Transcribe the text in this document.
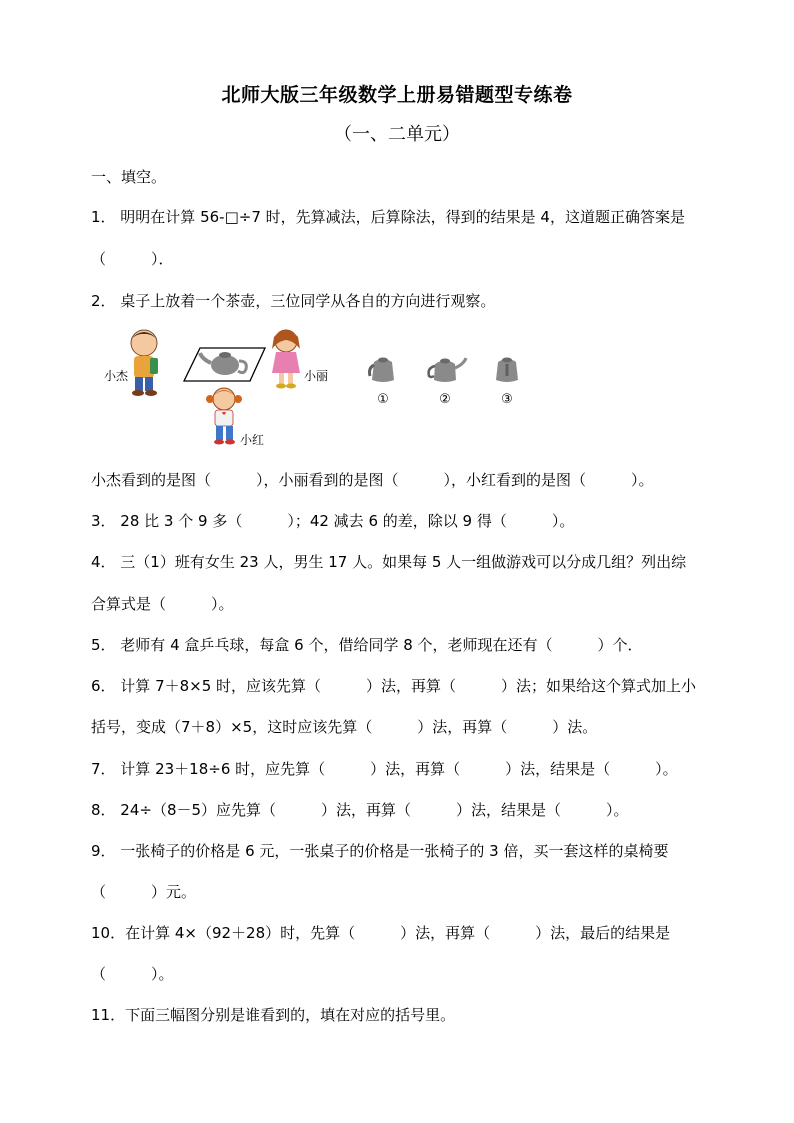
北师大版三年级数学上册易错题型专练卷
（一、二单元）
一、填空。
1． 明明在计算 56-□÷7 时，先算减法，后算除法，得到的结果是 4，这道题正确答案是
（　　　）．
2． 桌子上放着一个茶壶，三位同学从各自的方向进行观察。
小杰	小丽
小红
①	②	③
小杰看到的是图（　　　），小丽看到的是图（　　　），小红看到的是图（　　　）。
3． 28 比 3 个 9 多（　　　）；42 减去 6 的差，除以 9 得（　　　）。
4． 三（1）班有女生 23 人，男生 17 人。如果每 5 人一组做游戏可以分成几组？列出综
合算式是（　　　）。
5． 老师有 4 盒乒乓球，每盒 6 个，借给同学 8 个，老师现在还有（　　　）个．
6． 计算 7＋8×5 时，应该先算（　　　）法，再算（　　　）法；如果给这个算式加上小
括号，变成（7＋8）×5，这时应该先算（　　　）法，再算（　　　）法。
7． 计算 23＋18÷6 时，应先算（　　　）法，再算（　　　）法，结果是（　　　）。
8． 24÷（8－5）应先算（　　　）法，再算（　　　）法，结果是（　　　）。
9． 一张椅子的价格是 6 元，一张桌子的价格是一张椅子的 3 倍，买一套这样的桌椅要
（　　　）元。
10．在计算 4×（92＋28）时，先算（　　　）法，再算（　　　）法，最后的结果是
（　　　）。
11．下面三幅图分别是谁看到的，填在对应的括号里。
